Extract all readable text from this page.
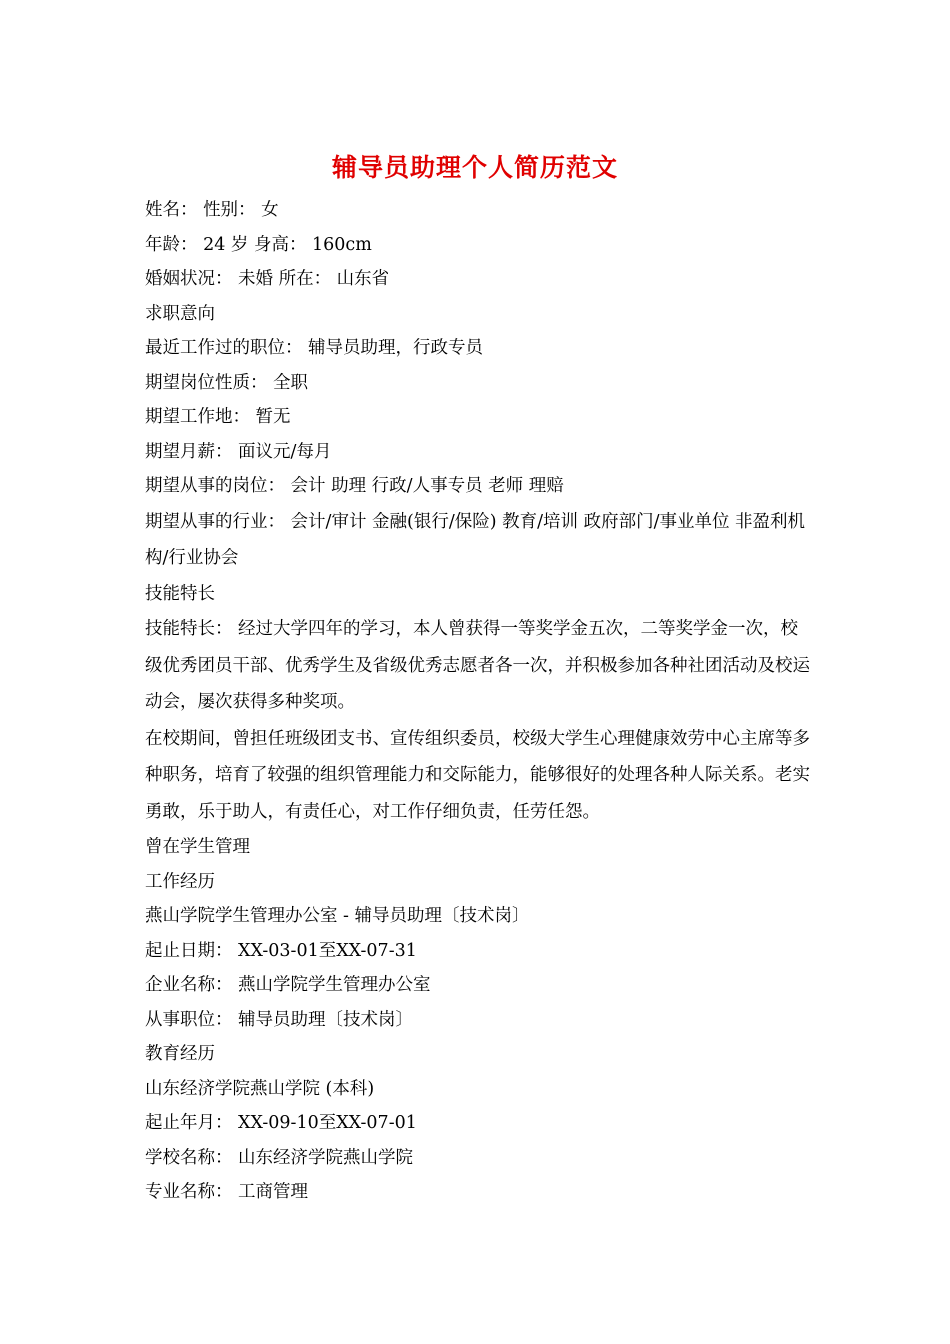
辅导员助理个人简历范文
姓名： 性别： 女
年龄： 24 岁 身高： 160cm
婚姻状况： 未婚 所在： 山东省
求职意向
最近工作过的职位： 辅导员助理，行政专员
期望岗位性质： 全职
期望工作地： 暂无
期望月薪： 面议元/每月
期望从事的岗位： 会计 助理 行政/人事专员 老师 理赔
期望从事的行业： 会计/审计 金融(银行/保险) 教育/培训 政府部门/事业单位 非盈利机构/行业协会
技能特长
技能特长： 经过大学四年的学习，本人曾获得一等奖学金五次，二等奖学金一次，校级优秀团员干部、优秀学生及省级优秀志愿者各一次，并积极参加各种社团活动及校运动会，屡次获得多种奖项。
在校期间，曾担任班级团支书、宣传组织委员，校级大学生心理健康效劳中心主席等多种职务，培育了较强的组织管理能力和交际能力，能够很好的处理各种人际关系。老实勇敢，乐于助人，有责任心，对工作仔细负责，任劳任怨。
曾在学生管理
工作经历
燕山学院学生管理办公室 - 辅导员助理〔技术岗〕
起止日期： XX-03-01至XX-07-31
企业名称： 燕山学院学生管理办公室
从事职位： 辅导员助理〔技术岗〕
教育经历
山东经济学院燕山学院 (本科)
起止年月： XX-09-10至XX-07-01
学校名称： 山东经济学院燕山学院
专业名称： 工商管理
